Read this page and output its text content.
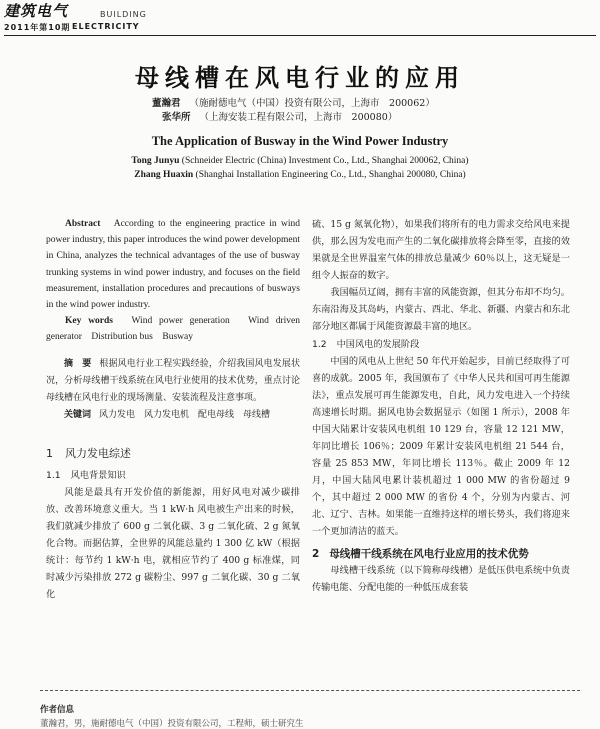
建筑电气	BUILDING
2011年第10期 ELECTRICITY
母线槽在风电行业的应用
董瀚君 （施耐德电气（中国）投资有限公司，上海市　200062）
张华所 （上海安装工程有限公司，上海市　200080）
The Application of Busway in the Wind Power Industry
Tong Junyu (Schneider Electric (China) Investment Co., Ltd., Shanghai 200062, China)
Zhang Huaxin (Shanghai Installation Engineering Co., Ltd., Shanghai 200080, China)

Abstract　 According to the engineering practice in wind power industry, this paper introduces the wind power development in China, analyzes the technical advantages of the use of busway trunking systems in wind power industry, and focuses on the field measurement, installation procedures and precautions of busways in the wind power industry.

Key words　 Wind power generation　Wind driven generator　Distribution bus　Busway

摘　要 根据风电行业工程实践经验，介绍我国风电发展状况，分析母线槽干线系统在风电行业使用的技术优势，重点讨论母线槽在风电行业的现场测量、安装流程及注意事项。

关键词 风力发电　风力发电机　配电母线　母线槽

1 风力发电综述
1.1 风电背景知识

风能是最具有开发价值的新能源，用好风电对减少碳排放、改善环境意义重大。当 1 kW·h 风电被生产出来的时候，我们就减少排放了 600 g 二氧化碳、3 g 二氧化硫、2 g 氮氧化合物。而据估算，全世界的风能总量约 1 300 亿 kW（根据统计：每节约 1 kW·h 电，就相应节约了 400 g 标准煤，同时减少污染排放 272 g 碳粉尘、997 g 二氧化碳、30 g 二氧化

硫、15 g 氮氧化物），如果我们将所有的电力需求交给风电来提供，那么因为发电而产生的二氧化碳排放将会降至零，直接的效果就是全世界温室气体的排放总量减少 60％以上，这无疑是一组令人振奋的数字。

我国幅员辽阔，拥有丰富的风能资源，但其分布却不均匀。东南沿海及其岛屿，内蒙古、西北、华北、新疆、内蒙古和东北部分地区都属于风能资源最丰富的地区。

1.2 中国风电的发展阶段

中国的风电从上世纪 50 年代开始起步，目前已经取得了可喜的成就。2005 年，我国颁布了《中华人民共和国可再生能源法》，重点发展可再生能源发电，自此，风力发电进入一个持续高速增长时期。据风电协会数据显示（如图 1 所示），2008 年中国大陆累计安装风电机组 10 129 台，容量 12 121 MW，年同比增长 106％；2009 年累计安装风电机组 21 544 台，容量 25 853 MW，年同比增长 113％。截止 2009 年 12 月，中国大陆风电累计装机超过 1 000 MW 的省份超过 9 个，其中超过 2 000 MW 的省份 4 个，分别为内蒙古、河北、辽宁、吉林。如果能一直维持这样的增长势头，我们将迎来一个更加清洁的蓝天。

2 母线槽干线系统在风电行业应用的技术优势

母线槽干线系统（以下简称母线槽）是低压供电系统中负责传输电能、分配电能的一种低压成套装

作者信息
董瀚君，男，施耐德电气（中国）投资有限公司，工程师，硕士研究生
